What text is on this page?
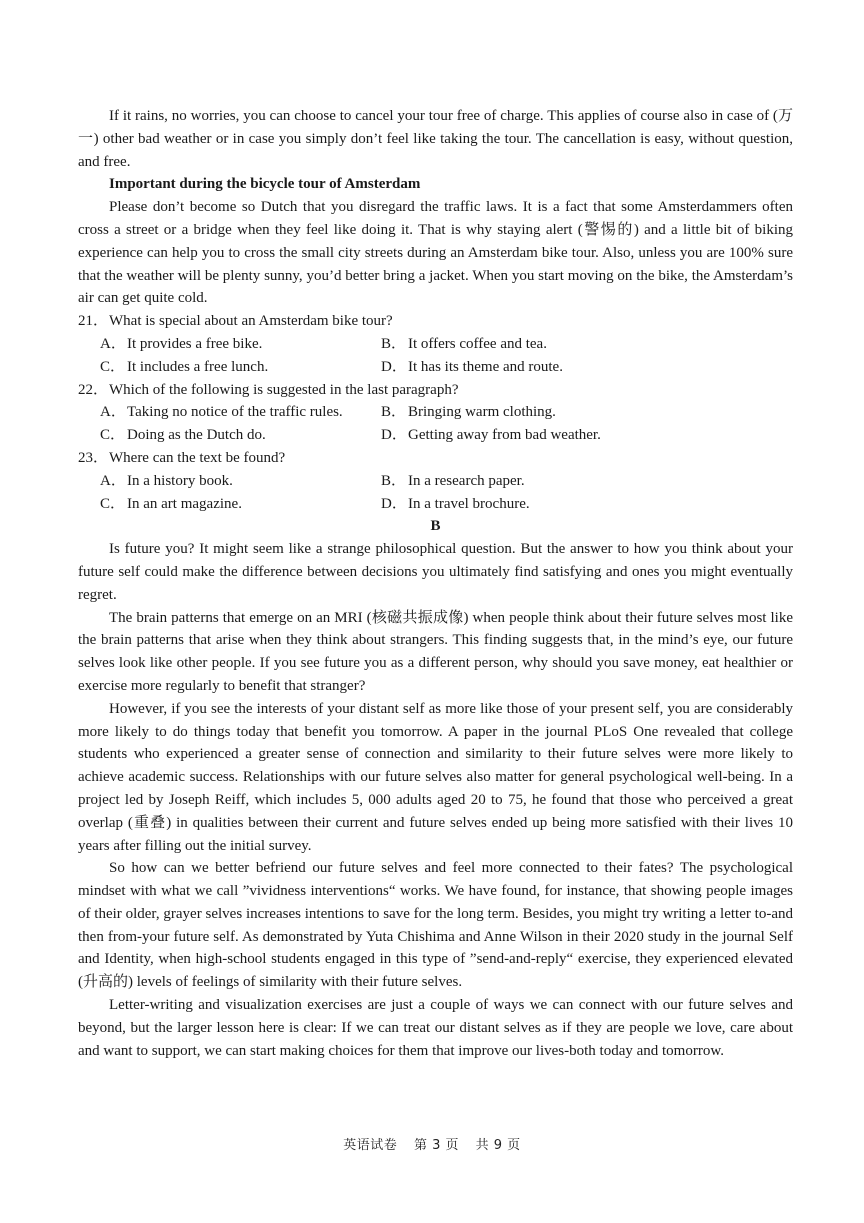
If it rains, no worries, you can choose to cancel your tour free of charge. This applies of course also in case of (万一) other bad weather or in case you simply don’t feel like taking the tour. The cancellation is easy, without question, and free.

Important during the bicycle tour of Amsterdam

Please don’t become so Dutch that you disregard the traffic laws. It is a fact that some Amsterdammers often cross a street or a bridge when they feel like doing it. That is why staying alert (警惕的) and a little bit of biking experience can help you to cross the small city streets during an Amsterdam bike tour. Also, unless you are 100% sure that the weather will be plenty sunny, you’d better bring a jacket. When you start moving on the bike, the Amsterdam’s air can get quite cold.

21．What is special about an Amsterdam bike tour?
A．It provides a free bike.	B． It offers coffee and tea.
C． It includes a free lunch.	D．It has its theme and route.
22．Which of the following is suggested in the last paragraph?
A．Taking no notice of the traffic rules.	B． Bringing warm clothing.
C． Doing as the Dutch do.	D．Getting away from bad weather.
23．Where can the text be found?
A．In a history book.	B． In a research paper.
C． In an art magazine.	D．In a travel brochure.
B

Is future you? It might seem like a strange philosophical question. But the answer to how you think about your future self could make the difference between decisions you ultimately find satisfying and ones you might eventually regret.

The brain patterns that emerge on an MRI (核磁共振成像) when people think about their future selves most like the brain patterns that arise when they think about strangers. This finding suggests that, in the mind’s eye, our future selves look like other people. If you see future you as a different person, why should you save money, eat healthier or exercise more regularly to benefit that stranger?

However, if you see the interests of your distant self as more like those of your present self, you are considerably more likely to do things today that benefit you tomorrow. A paper in the journal PLoS One revealed that college students who experienced a greater sense of connection and similarity to their future selves were more likely to achieve academic success. Relationships with our future selves also matter for general psychological well-being. In a project led by Joseph Reiff, which includes 5, 000 adults aged 20 to 75, he found that those who perceived a great overlap (重叠) in qualities between their current and future selves ended up being more satisfied with their lives 10 years after filling out the initial survey.

So how can we better befriend our future selves and feel more connected to their fates? The psychological mindset with what we call ”vividness interventions“ works. We have found, for instance, that showing people images of their older, grayer selves increases intentions to save for the long term. Besides, you might try writing a letter to-and then from-your future self. As demonstrated by Yuta Chishima and Anne Wilson in their 2020 study in the journal Self and Identity, when high-school students engaged in this type of ”send-and-reply“ exercise, they experienced elevated (升高的) levels of feelings of similarity with their future selves.

Letter-writing and visualization exercises are just a couple of ways we can connect with our future selves and beyond, but the larger lesson here is clear: If we can treat our distant selves as if they are people we love, care about and want to support, we can start making choices for them that improve our lives-both today and tomorrow.

英语试卷 第 3 页 共 9 页
